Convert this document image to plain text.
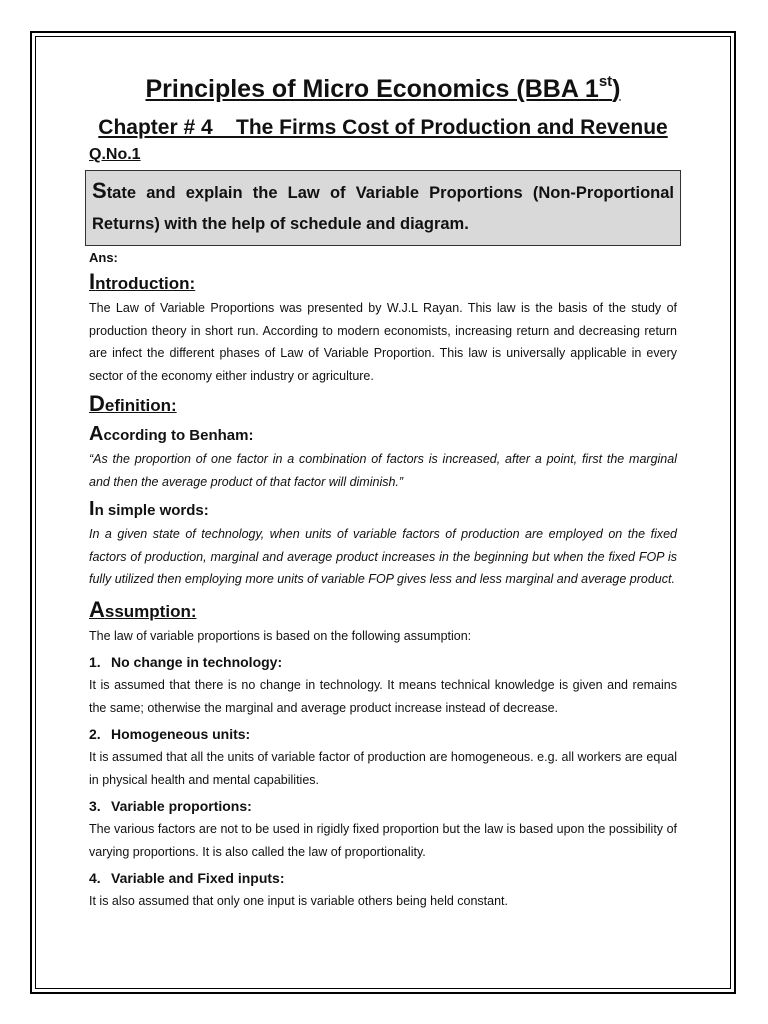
Principles of Micro Economics (BBA 1st)
Chapter # 4    The Firms Cost of Production and Revenue
Q.No.1
State and explain the Law of Variable Proportions (Non-Proportional Returns) with the help of schedule and diagram.
Ans:
Introduction:

The Law of Variable Proportions was presented by W.J.L Rayan. This law is the basis of the study of production theory in short run. According to modern economists, increasing return and decreasing return are infect the different phases of Law of Variable Proportion. This law is universally applicable in every sector of the economy either industry or agriculture.

Definition:
According to Benham:

“As the proportion of one factor in a combination of factors is increased, after a point, first the marginal and then the average product of that factor will diminish.”

In simple words:

In a given state of technology, when units of variable factors of production are employed on the fixed factors of production, marginal and average product increases in the beginning but when the fixed FOP is fully utilized then employing more units of variable FOP gives less and less marginal and average product.

Assumption:

The law of variable proportions is based on the following assumption:

1. No change in technology:

It is assumed that there is no change in technology. It means technical knowledge is given and remains the same; otherwise the marginal and average product increase instead of decrease.

2. Homogeneous units:

It is assumed that all the units of variable factor of production are homogeneous. e.g. all workers are equal in physical health and mental capabilities.

3. Variable proportions:

The various factors are not to be used in rigidly fixed proportion but the law is based upon the possibility of varying proportions. It is also called the law of proportionality.

4. Variable and Fixed inputs:

It is also assumed that only one input is variable others being held constant.
